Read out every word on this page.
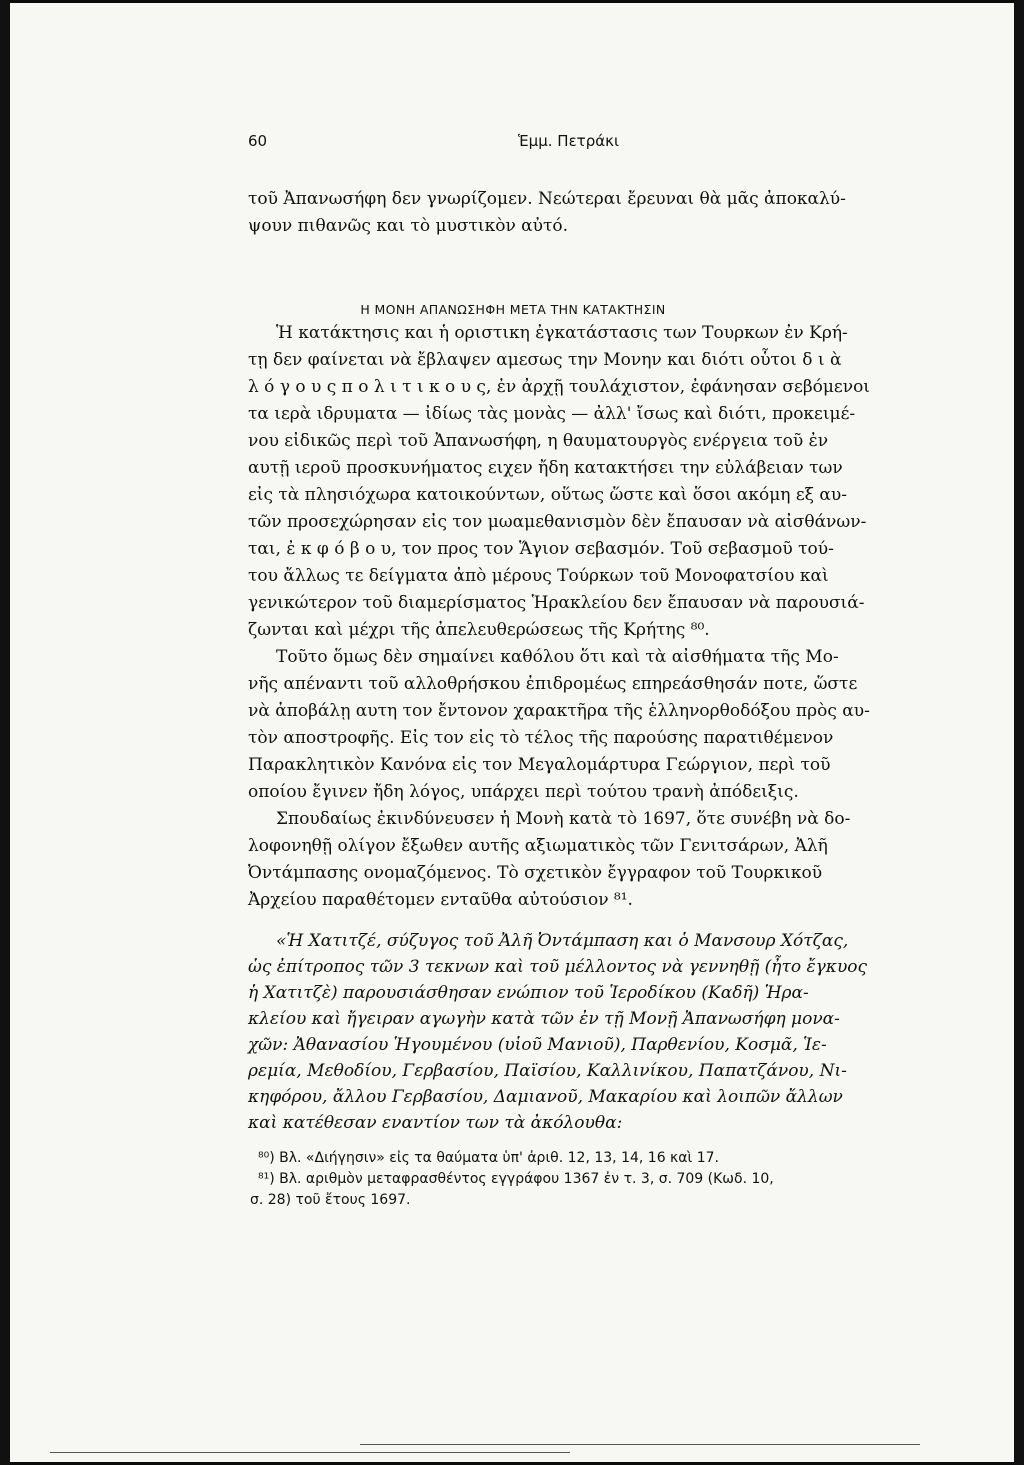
60	Ἑμμ. Πετράκι
τοῦ Ἀπανωσήφη δεν γνωρίζομεν. Νεώτεραι ἔρευναι θὰ μᾶς ἀποκαλύ-
ψουν πιθανῶς και τὸ μυστικὸν αὐτό.
Η ΜΟΝΗ ΑΠΑΝΩΣΗΦΗ ΜΕΤΑ ΤΗΝ ΚΑΤΑΚΤΗΣΙΝ
Ἡ κατάκτησις και ἡ οριστικη ἐγκατάστασις των Τουρκων ἐν Κρή-
τῃ δεν φαίνεται νὰ ἔβλαψεν αμεσως την Μονην και διότι οὗτοι δ ι ὰ
λ ό γ ο υ ς π ο λ ι τ ι κ ο υ ς, ἐν ἀρχῇ τουλάχιστον, ἐφάνησαν σεβόμενοι
τα ιερὰ ιδρυματα — ἰδίως τὰς μονὰς — ἀλλ' ἴσως καὶ διότι, προκειμέ-
νου εἰδικῶς περὶ τοῦ Ἀπανωσήφη, η θαυματουργὸς ενέργεια τοῦ ἐν
αυτῇ ιεροῦ προσκυνήματος ειχεν ἤδη κατακτήσει την εὐλάβειαν των
εἰς τὰ πλησιόχωρα κατοικούντων, οὕτως ὥστε καὶ ὅσοι ακόμη εξ αυ-
τῶν προσεχώρησαν εἰς τον μωαμεθανισμὸν δὲν ἔπαυσαν νὰ αἰσθάνων-
ται, ἐ κ φ ό β ο υ, τον προς τον Ἅγιον σεβασμόν. Τοῦ σεβασμοῦ τού-
του ἄλλως τε δείγματα ἀπὸ μέρους Τούρκων τοῦ Μονοφατσίου καὶ
γενικώτερον τοῦ διαμερίσματος Ἡρακλείου δεν ἔπαυσαν νὰ παρουσιά-
ζωνται καὶ μέχρι τῆς ἀπελευθερώσεως τῆς Κρήτης ⁸⁰.
Τοῦτο ὅμως δὲν σημαίνει καθόλου ὅτι καὶ τὰ αἰσθήματα τῆς Μο-
νῆς απέναντι τοῦ αλλοθρήσκου ἐπιδρομέως επηρεάσθησάν ποτε, ὥστε
νὰ ἀποβάλῃ αυτη τον ἔντονον χαρακτῆρα τῆς ἑλληνορθοδόξου πρὸς αυ-
τὸν αποστροφῆς. Εἰς τον εἰς τὸ τέλος τῆς παρούσης παρατιθέμενον
Παρακλητικὸν Κανόνα εἰς τον Μεγαλομάρτυρα Γεώργιον, περὶ τοῦ
οποίου ἔγινεν ἤδη λόγος, υπάρχει περὶ τούτου τρανὴ ἀπόδειξις.
Σπουδαίως ἐκινδύνευσεν ἡ Μονὴ κατὰ τὸ 1697, ὅτε συνέβη νὰ δο-
λοφονηθῇ ολίγον ἔξωθεν αυτῆς αξιωματικὸς τῶν Γενιτσάρων, Ἀλῆ
Ὀντάμπασης ονομαζόμενος. Τὸ σχετικὸν ἔγγραφον τοῦ Τουρκικοῦ
Ἀρχείου παραθέτομεν ενταῦθα αὐτούσιον ⁸¹.
«Ἡ Χατιτζέ, σύζυγος τοῦ Ἀλῆ Ὀντάμπαση και ὁ Μανσουρ Χότζας,
ὡς ἐπίτροπος τῶν 3 τεκνων καὶ τοῦ μέλλοντος νὰ γεννηθῇ (ἦτο ἔγκυος
ἡ Χατιτζὲ) παρουσιάσθησαν ενώπιον τοῦ Ἱεροδίκου (Καδῆ) Ἡρα-
κλείου καὶ ἤγειραν αγωγὴν κατὰ τῶν ἐν τῇ Μονῇ Ἀπανωσήφη μονα-
χῶν: Ἀθανασίου Ἡγουμένου (υἱοῦ Μανιοῦ), Παρθενίου, Κοσμᾶ, Ἱε-
ρεμία, Μεθοδίου, Γερβασίου, Παϊσίου, Καλλινίκου, Παπατζάνου, Νι-
κηφόρου, ἄλλου Γερβασίου, Δαμιανοῦ, Μακαρίου καὶ λοιπῶν ἄλλων
καὶ κατέθεσαν εναντίον των τὰ ἀκόλουθα:
⁸⁰) Βλ. «Διήγησιν» εἰς τα θαύματα ὑπ' ἀριθ. 12, 13, 14, 16 καὶ 17.
⁸¹) Βλ. αριθμὸν μεταφρασθέντος εγγράφου 1367 ἐν τ. 3, σ. 709 (Κωδ. 10,
σ. 28) τοῦ ἔτους 1697.
